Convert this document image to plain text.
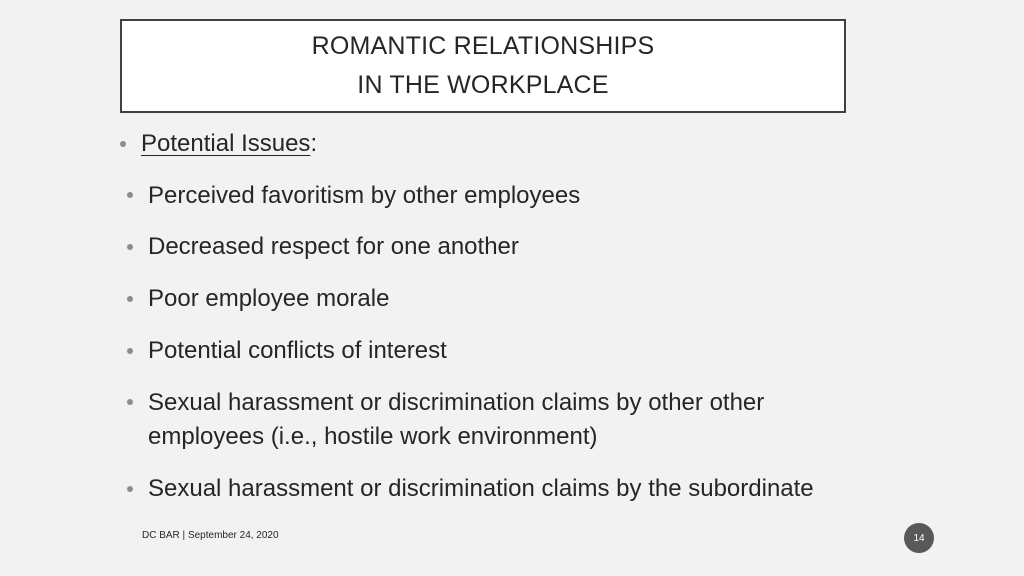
ROMANTIC RELATIONSHIPS
IN THE WORKPLACE
Potential Issues:
Perceived favoritism by other employees
Decreased respect for one another
Poor employee morale
Potential conflicts of interest
Sexual harassment or discrimination claims by other other
employees (i.e., hostile work environment)
Sexual harassment or discrimination claims by the subordinate
DC BAR | September 24, 2020	14
